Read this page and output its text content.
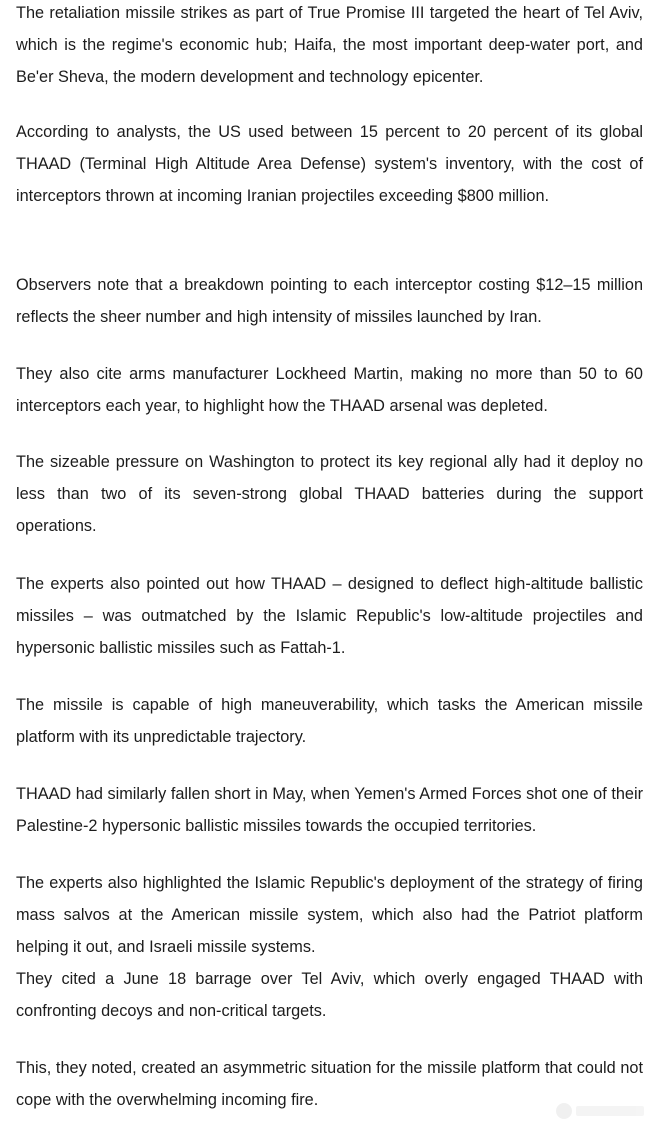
The retaliation missile strikes as part of True Promise III targeted the heart of Tel Aviv, which is the regime's economic hub; Haifa, the most important deep-water port, and Be'er Sheva, the modern development and technology epicenter.

According to analysts, the US used between 15 percent to 20 percent of its global THAAD (Terminal High Altitude Area Defense) system's inventory, with the cost of interceptors thrown at incoming Iranian projectiles exceeding $800 million.

Observers note that a breakdown pointing to each interceptor costing $12–15 million reflects the sheer number and high intensity of missiles launched by Iran.

They also cite arms manufacturer Lockheed Martin, making no more than 50 to 60 interceptors each year, to highlight how the THAAD arsenal was depleted.

The sizeable pressure on Washington to protect its key regional ally had it deploy no less than two of its seven-strong global THAAD batteries during the support operations.

The experts also pointed out how THAAD – designed to deflect high-altitude ballistic missiles – was outmatched by the Islamic Republic's low-altitude projectiles and hypersonic ballistic missiles such as Fattah-1.

The missile is capable of high maneuverability, which tasks the American missile platform with its unpredictable trajectory.

THAAD had similarly fallen short in May, when Yemen's Armed Forces shot one of their Palestine-2 hypersonic ballistic missiles towards the occupied territories.

The experts also highlighted the Islamic Republic's deployment of the strategy of firing mass salvos at the American missile system, which also had the Patriot platform helping it out, and Israeli missile systems.

They cited a June 18 barrage over Tel Aviv, which overly engaged THAAD with confronting decoys and non-critical targets.

This, they noted, created an asymmetric situation for the missile platform that could not cope with the overwhelming incoming fire.
